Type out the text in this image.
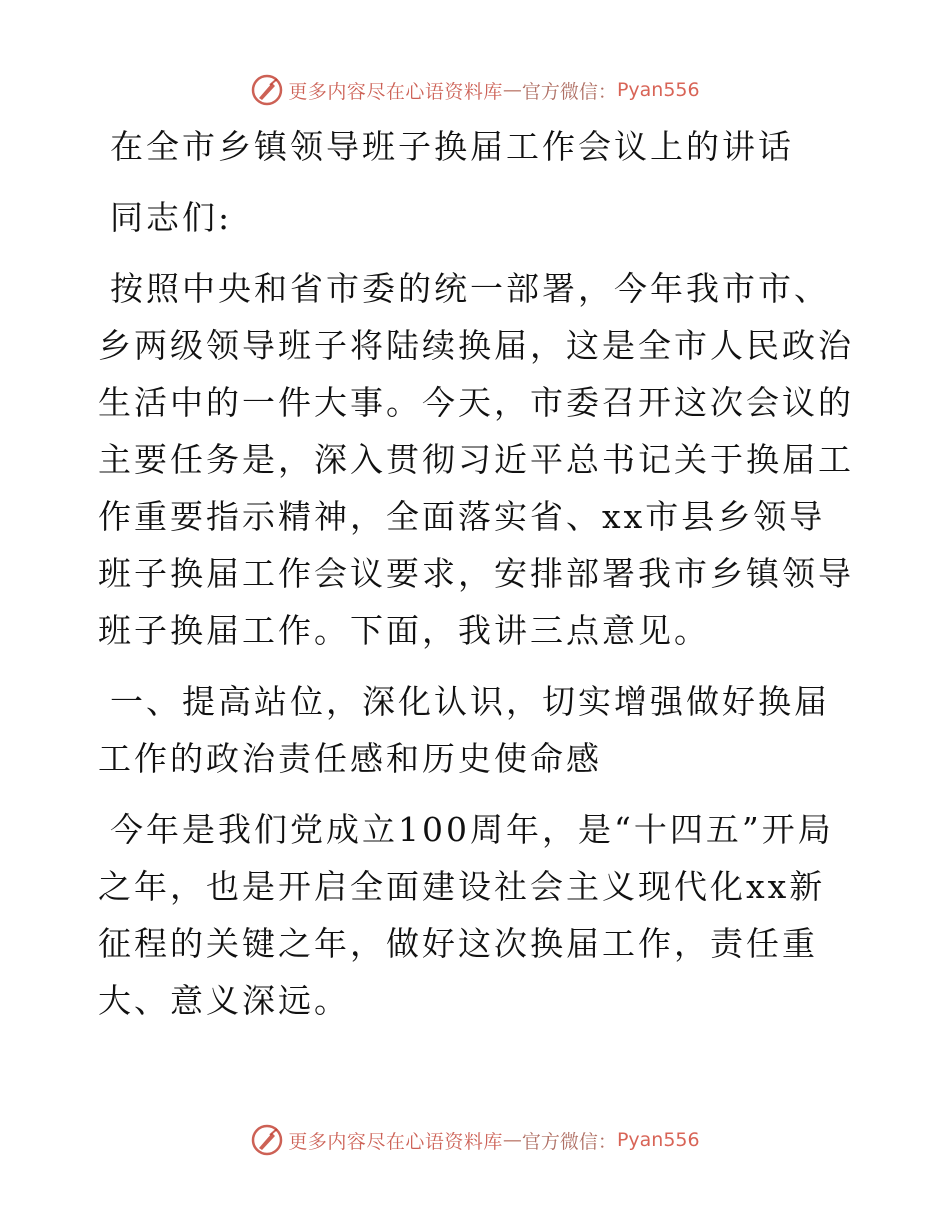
更多内容尽在心语资料库 — 官方微信： Pyan556

在全市乡镇领导班子换届工作会议上的讲话

同志们:

按照中央和省市委的统一部署，今年我市市、乡两级领导班子将陆续换届，这是全市人民政治生活中的一件大事。今天，市委召开这次会议的主要任务是，深入贯彻习近平总书记关于换届工作重要指示精神，全面落实省、xx市县乡领导班子换届工作会议要求，安排部署我市乡镇领导班子换届工作。下面，我讲三点意见。

一、提高站位，深化认识，切实增强做好换届工作的政治责任感和历史使命感

今年是我们党成立100周年，是“十四五”开局之年，也是开启全面建设社会主义现代化xx新征程的关键之年，做好这次换届工作，责任重大、意义深远。

更多内容尽在心语资料库 — 官方微信： Pyan556
